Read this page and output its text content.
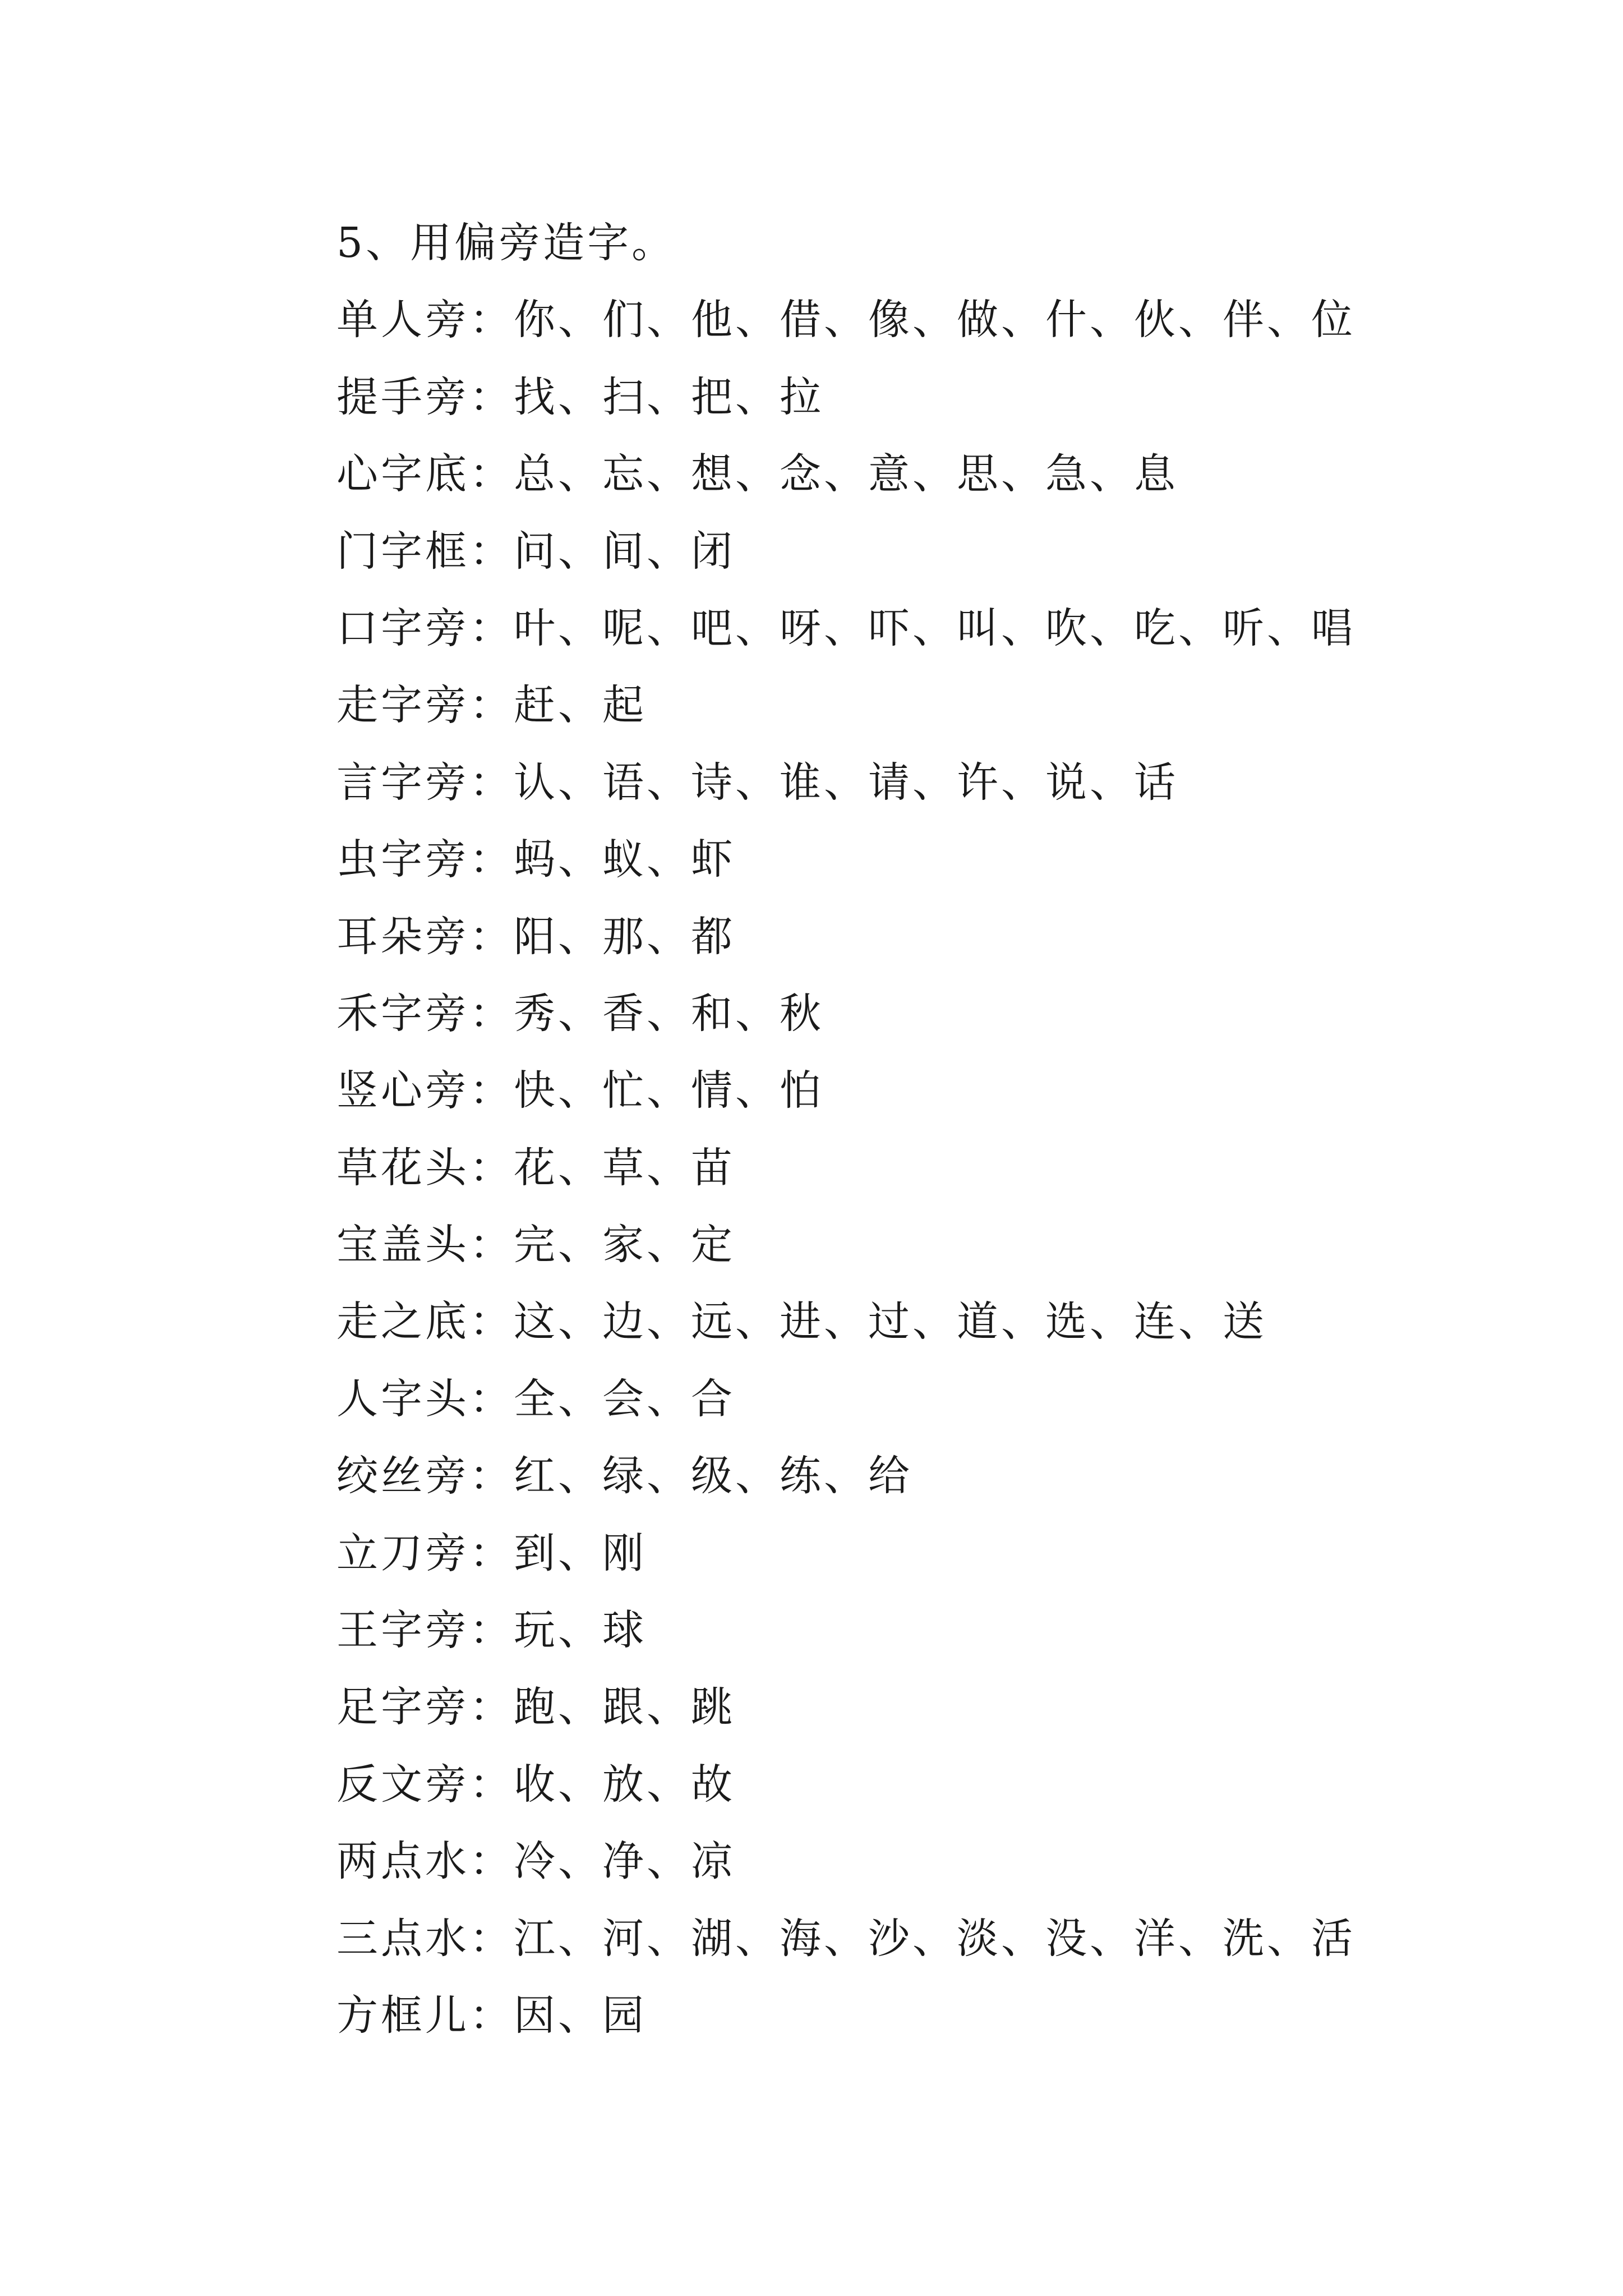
5、用偏旁造字。
单人旁：你、们、他、借、像、做、什、伙、伴、位
提手旁：找、扫、把、拉
心字底：总、忘、想、念、意、思、急、息
门字框：问、间、闭
口字旁：叶、呢、吧、呀、吓、叫、吹、吃、听、唱
走字旁：赶、起
言字旁：认、语、诗、谁、请、许、说、话
虫字旁：蚂、蚁、虾
耳朵旁：阳、那、都
禾字旁：秀、香、和、秋
竖心旁：快、忙、情、怕
草花头：花、草、苗
宝盖头：完、家、定
走之底：这、边、远、进、过、道、选、连、送
人字头：全、会、合
绞丝旁：红、绿、级、练、给
立刀旁：到、刚
王字旁：玩、球
足字旁：跑、跟、跳
反文旁：收、放、故
两点水：冷、净、凉
三点水：江、河、湖、海、沙、淡、没、洋、洗、活
方框儿：因、园
